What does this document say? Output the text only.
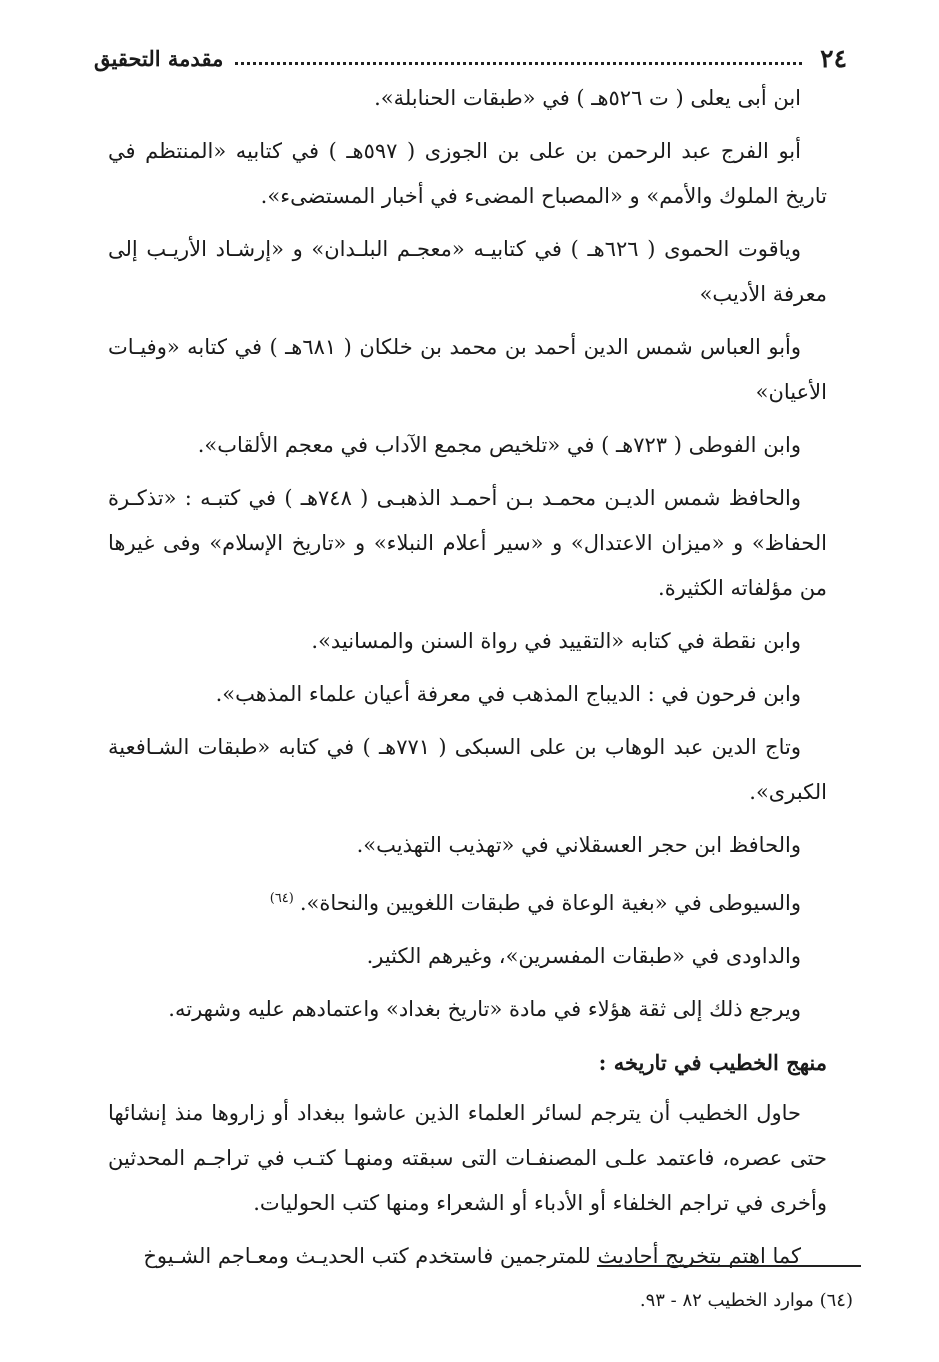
٢٤
مقدمة التحقيق

ابن أبى يعلى ( ت ٥٢٦هـ ) في «طبقات الحنابلة».

أبو الفرج عبد الرحمن بن على بن الجوزى ( ٥٩٧هـ ) في كتابيه «المنتظم في تاريخ الملوك والأمم» و «المصباح المضىء في أخبار المستضىء».

وياقوت الحموى ( ٦٢٦هـ ) في كتابيـه «معجـم البلـدان» و «إرشـاد الأريـب إلى معرفة الأديب»

وأبو العباس شمس الدين أحمد بن محمد بن خلكان ( ٦٨١هـ ) في كتابه «وفيـات الأعيان»

وابن الفوطى ( ٧٢٣هـ ) في «تلخيص مجمع الآداب في معجم الألقاب».

والحافظ شمس الديـن محمـد بـن أحمـد الذهبـى ( ٧٤٨هـ ) في كتبـه : «تذكـرة الحفاظ» و «ميزان الاعتدال» و «سير أعلام النبلاء» و «تاريخ الإسلام» وفى غيرها من مؤلفاته الكثيرة.

وابن نقطة في كتابه «التقييد في رواة السنن والمسانيد».

وابن فرحون في : الديباج المذهب في معرفة أعيان علماء المذهب».

وتاج الدين عبد الوهاب بن على السبكى ( ٧٧١هـ ) في كتابه «طبقات الشـافعية الكبرى».

والحافظ ابن حجر العسقلاني في «تهذيب التهذيب».

والسيوطى في «بغية الوعاة في طبقات اللغويين والنحاة».$^{(٦٤)}$

والداودى في «طبقات المفسرين»، وغيرهم الكثير.

ويرجع ذلك إلى ثقة هؤلاء في مادة «تاريخ بغداد» واعتمادهم عليه وشهرته.

منهج الخطيب في تاريخه :

حاول الخطيب أن يترجم لسائر العلماء الذين عاشوا ببغداد أو زاروها منذ إنشائها حتى عصره، فاعتمد علـى المصنفـات التى سبقته ومنهـا كتـب في تراجـم المحدثين وأخرى في تراجم الخلفاء أو الأدباء أو الشعراء ومنها كتب الحوليات.

كما اهتم بتخريج أحاديث للمترجمين فاستخدم كتب الحديـث ومعـاجم الشـيوخ

(٦٤) موارد الخطيب ٨٢ - ٩٣.
